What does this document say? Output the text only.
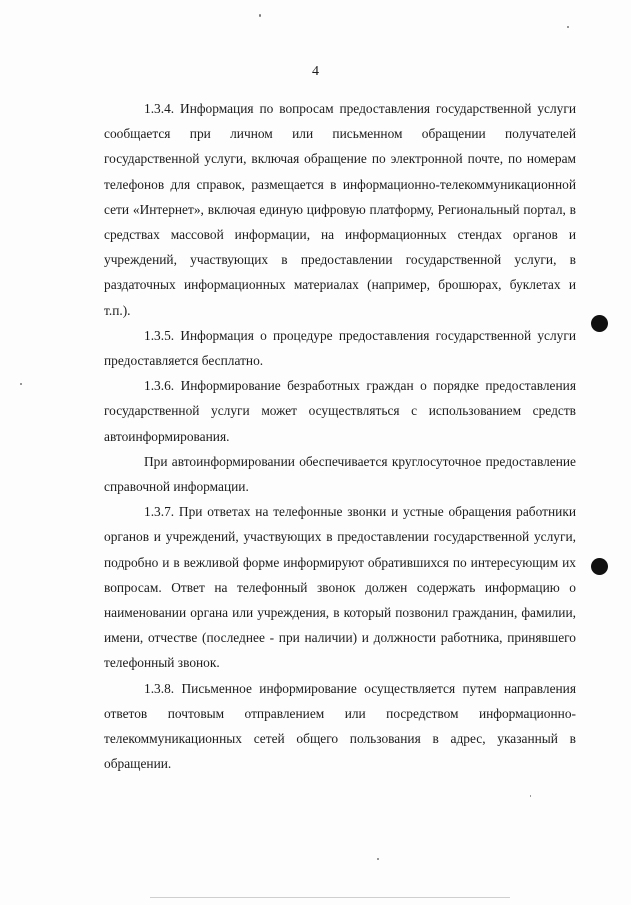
4

1.3.4. Информация по вопросам предоставления государственной услуги сообщается при личном или письменном обращении получателей государственной услуги, включая обращение по электронной почте, по номерам телефонов для справок, размещается в информационно-телекоммуникационной сети «Интернет», включая единую цифровую платформу, Региональный портал, в средствах массовой информации, на информационных стендах органов и учреждений, участвующих в предоставлении государственной услуги, в раздаточных информационных материалах (например, брошюрах, буклетах и т.п.).

1.3.5. Информация о процедуре предоставления государственной услуги предоставляется бесплатно.

1.3.6. Информирование безработных граждан о порядке предоставления государственной услуги может осуществляться с использованием средств автоинформирования.

При автоинформировании обеспечивается круглосуточное предоставление справочной информации.

1.3.7. При ответах на телефонные звонки и устные обращения работники органов и учреждений, участвующих в предоставлении государственной услуги, подробно и в вежливой форме информируют обратившихся по интересующим их вопросам. Ответ на телефонный звонок должен содержать информацию о наименовании органа или учреждения, в который позвонил гражданин, фамилии, имени, отчестве (последнее - при наличии) и должности работника, принявшего телефонный звонок.

1.3.8. Письменное информирование осуществляется путем направления ответов почтовым отправлением или посредством информационно-телекоммуникационных сетей общего пользования в адрес, указанный в обращении.
